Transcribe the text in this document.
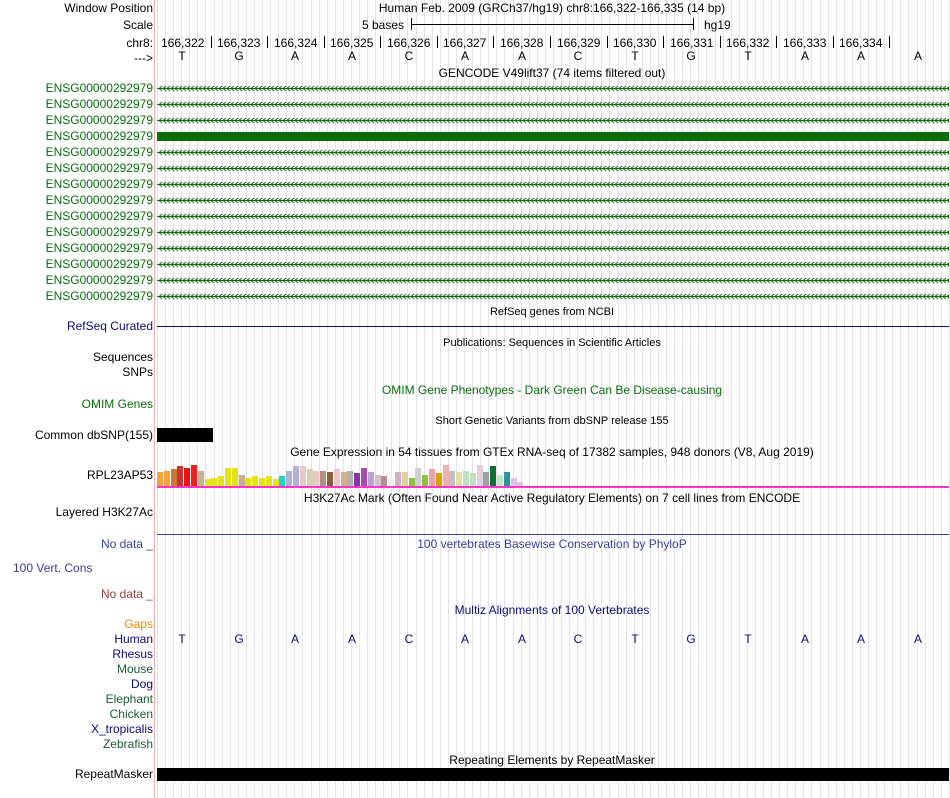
Window Position	Human Feb. 2009 (GRCh37/hg19) chr8:166,322-166,335 (14 bp)
Scale	5 bases	hg19
chr8: 166,322 166,323 166,324 166,325 166,326 166,327 166,328 166,329 166,330 166,331 166,332 166,333 166,334
---> T	G	A	A	C	A	A	C	T	G	T	A	A	A
GENCODE V49lift37 (74 items filtered out)
ENSG00000292979
ENSG00000292979
ENSG00000292979
ENSG00000292979
ENSG00000292979
ENSG00000292979
ENSG00000292979
ENSG00000292979
ENSG00000292979
ENSG00000292979
ENSG00000292979
ENSG00000292979
ENSG00000292979
ENSG00000292979
RefSeq genes from NCBI
RefSeq Curated
Publications: Sequences in Scientific Articles
Sequences
SNPs
OMIM Gene Phenotypes - Dark Green Can Be Disease-causing
OMIM Genes
Short Genetic Variants from dbSNP release 155
Common dbSNP(155)
Gene Expression in 54 tissues from GTEx RNA-seq of 17382 samples, 948 donors (V8, Aug 2019)
RPL23AP53
H3K27Ac Mark (Often Found Near Active Regulatory Elements) on 7 cell lines from ENCODE
Layered H3K27Ac
No data _	100 vertebrates Basewise Conservation by PhyloP
100 Vert. Cons
No data _
Multiz Alignments of 100 Vertebrates
Gaps
Human
Rhesus
Mouse
Dog
Elephant
Chicken
X_tropicalis
Zebrafish
T	G	A	A	C	A	A	C	T	G	T	A	A	A
Repeating Elements by RepeatMasker
RepeatMasker
